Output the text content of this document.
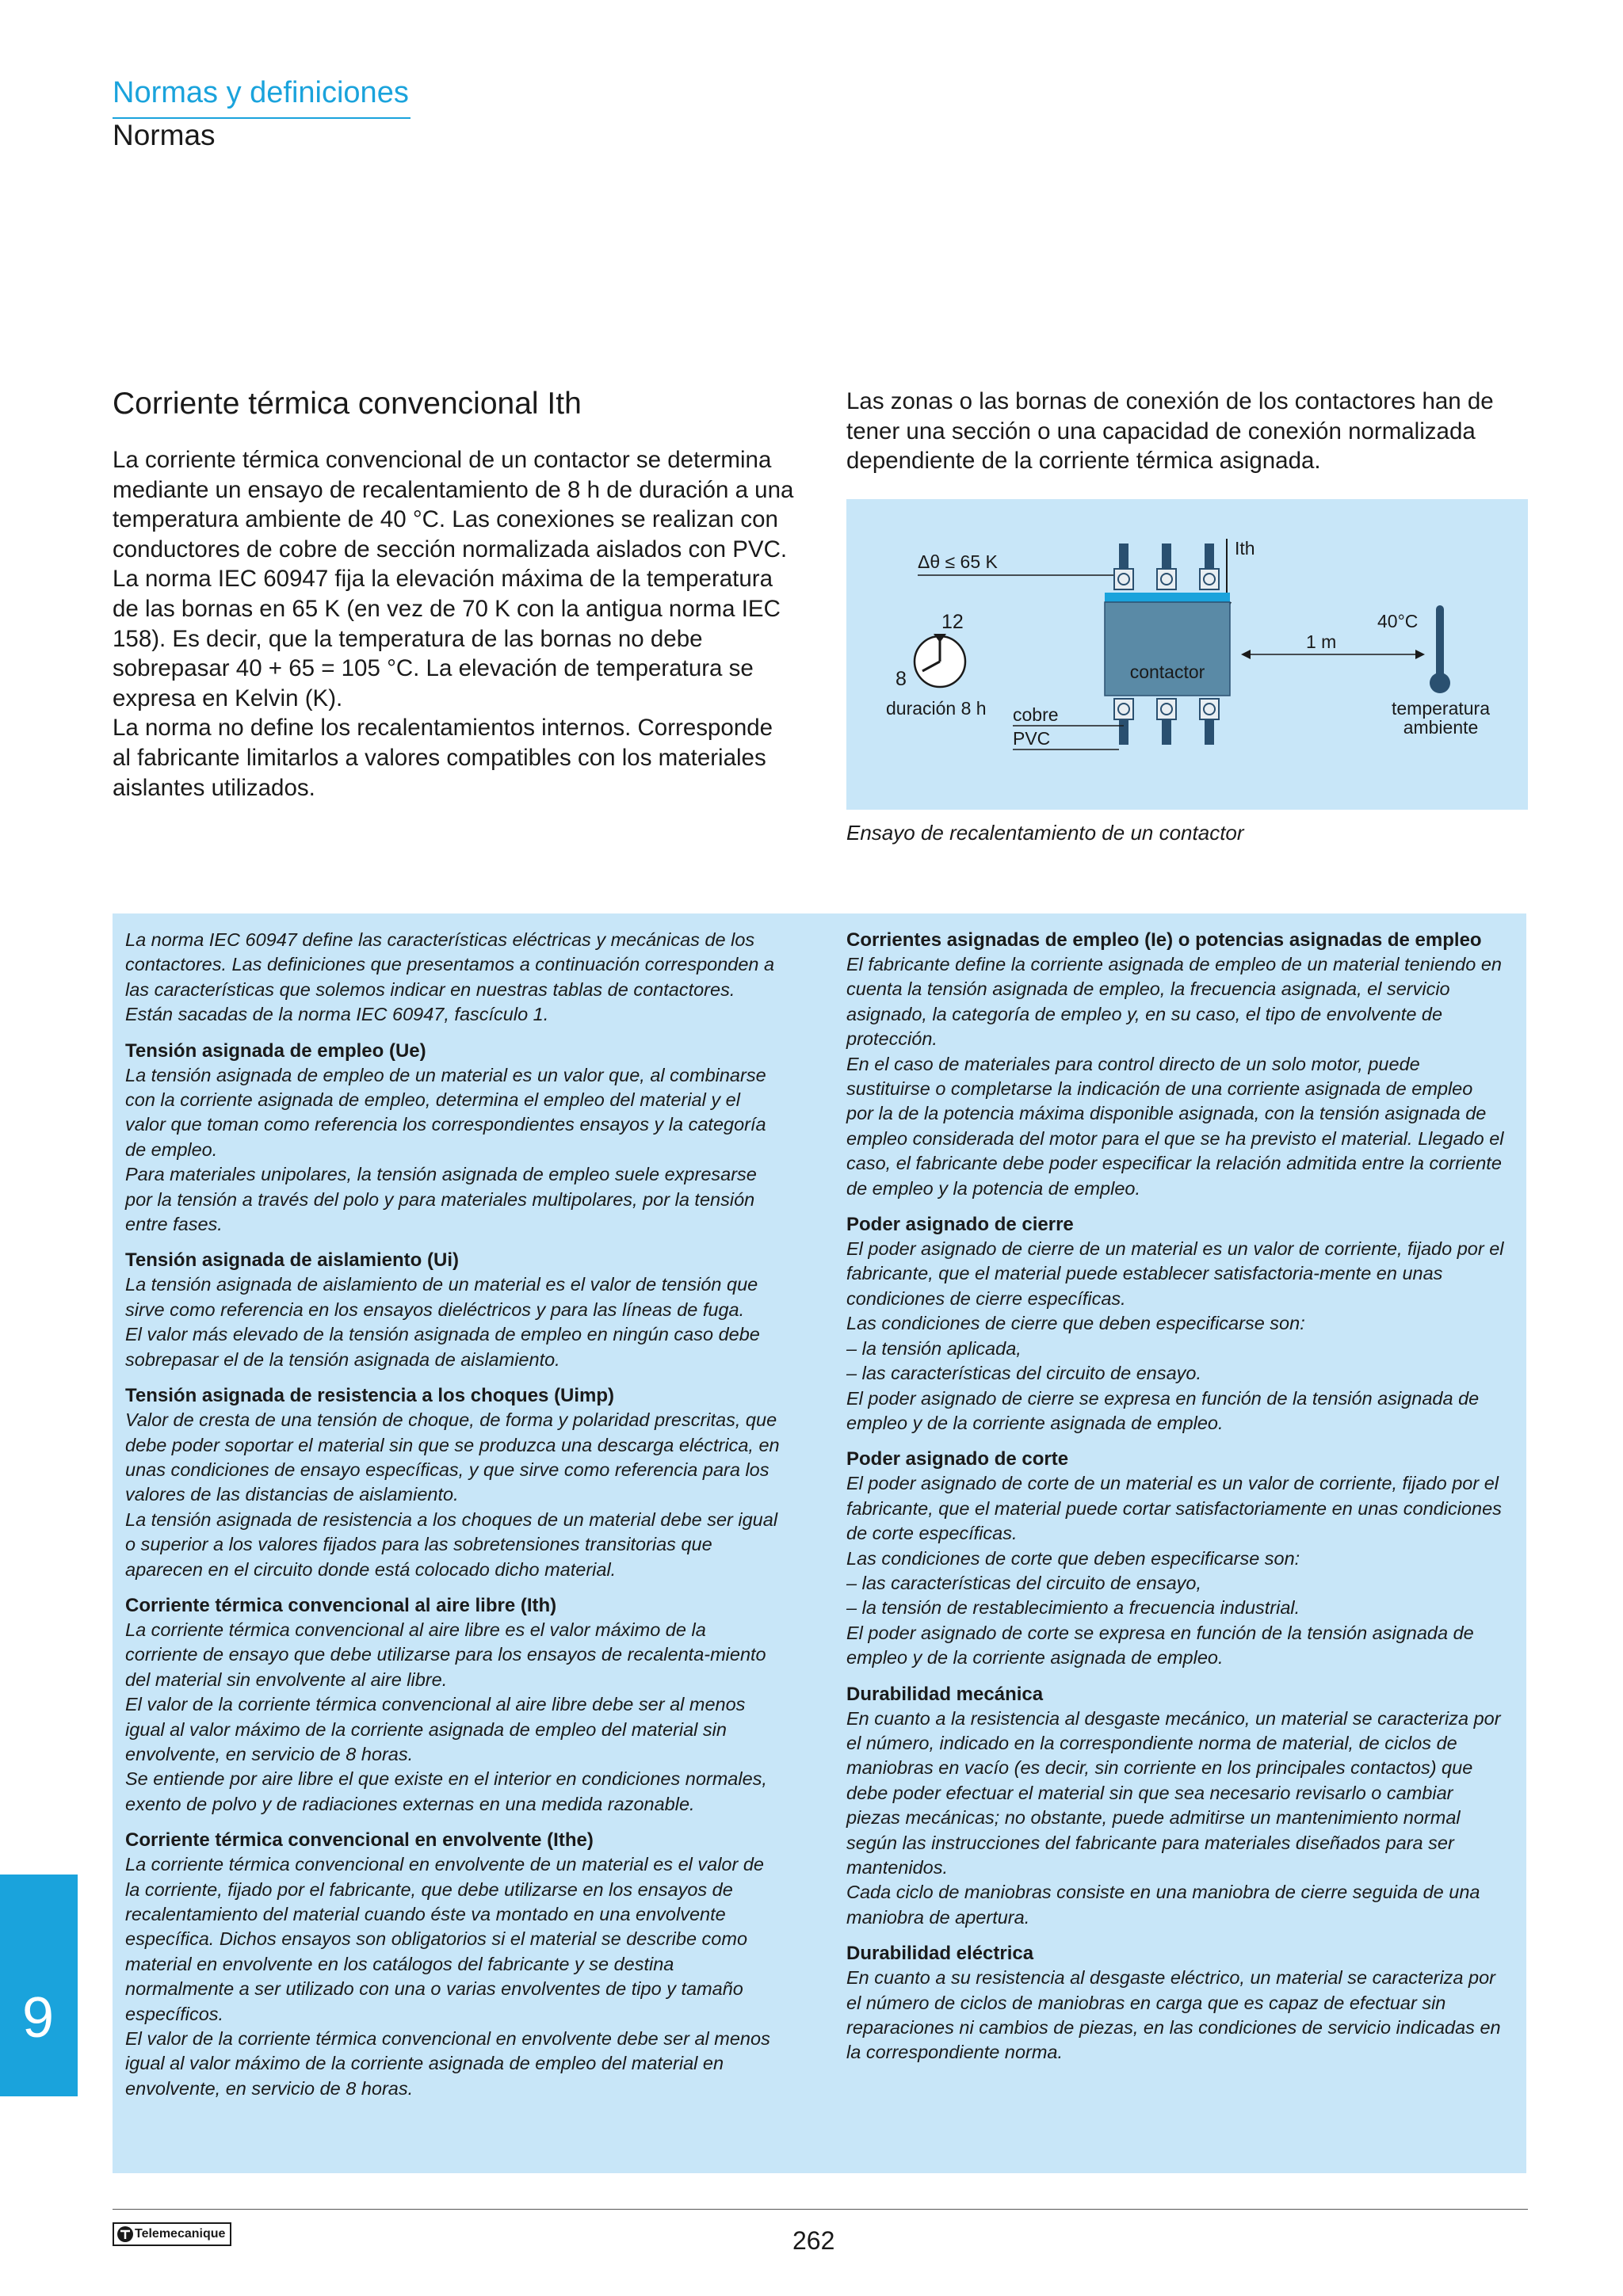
Normas y definiciones
Normas
Corriente térmica convencional Ith

La corriente térmica convencional de un contactor se determina mediante un ensayo de recalentamiento de 8 h de duración a una temperatura ambiente de 40 °C. Las conexiones se realizan con conductores de cobre de sección normalizada aislados con PVC.

La norma IEC 60947 fija la elevación máxima de la temperatura de las bornas en 65 K (en vez de 70 K con la antigua norma IEC 158). Es decir, que la temperatura de las bornas no debe sobrepasar 40 + 65 = 105 °C. La elevación de temperatura se expresa en Kelvin (K).

La norma no define los recalentamientos internos. Corresponde al fabricante limitarlos a valores compatibles con los materiales aislantes utilizados.

Las zonas o las bornas de conexión de los contactores han de tener una sección o una capacidad de conexión normalizada dependiente de la corriente térmica asignada.

Δθ ≤ 65 K
Ith
contactor
cobre
PVC
12
8
duración 8 h
1 m
40°C
temperatura
ambiente
Ensayo de recalentamiento de un contactor

La norma IEC 60947 define las características eléctricas y mecánicas de los contactores. Las definiciones que presentamos a continuación corresponden a las características que solemos indicar en nuestras tablas de contactores. Están sacadas de la norma IEC 60947, fascículo 1.

Tensión asignada de empleo (Ue)

La tensión asignada de empleo de un material es un valor que, al combinarse con la corriente asignada de empleo, determina el empleo del material y el valor que toman como referencia los correspondientes ensayos y la categoría de empleo.
Para materiales unipolares, la tensión asignada de empleo suele expresarse por la tensión a través del polo y para materiales multipolares, por la tensión entre fases.

Tensión asignada de aislamiento (Ui)

La tensión asignada de aislamiento de un material es el valor de tensión que sirve como referencia en los ensayos dieléctricos y para las líneas de fuga.
El valor más elevado de la tensión asignada de empleo en ningún caso debe sobrepasar el de la tensión asignada de aislamiento.

Tensión asignada de resistencia a los choques (Uimp)

Valor de cresta de una tensión de choque, de forma y polaridad prescritas, que debe poder soportar el material sin que se produzca una descarga eléctrica, en unas condiciones de ensayo específicas, y que sirve como referencia para los valores de las distancias de aislamiento.
La tensión asignada de resistencia a los choques de un material debe ser igual o superior a los valores fijados para las sobretensiones transitorias que aparecen en el circuito donde está colocado dicho material.

Corriente térmica convencional al aire libre (Ith)

La corriente térmica convencional al aire libre es el valor máximo de la corriente de ensayo que debe utilizarse para los ensayos de recalenta-miento del material sin envolvente al aire libre.
El valor de la corriente térmica convencional al aire libre debe ser al menos igual al valor máximo de la corriente asignada de empleo del material sin envolvente, en servicio de 8 horas.
Se entiende por aire libre el que existe en el interior en condiciones normales, exento de polvo y de radiaciones externas en una medida razonable.

Corriente térmica convencional en envolvente (Ithe)

La corriente térmica convencional en envolvente de un material es el valor de la corriente, fijado por el fabricante, que debe utilizarse en los ensayos de recalentamiento del material cuando éste va montado en una envolvente específica. Dichos ensayos son obligatorios si el material se describe como material en envolvente en los catálogos del fabricante y se destina normalmente a ser utilizado con una o varias envolventes de tipo y tamaño específicos.
El valor de la corriente térmica convencional en envolvente debe ser al menos igual al valor máximo de la corriente asignada de empleo del material en envolvente, en servicio de 8 horas.

Corrientes asignadas de empleo (Ie) o potencias asignadas de empleo

El fabricante define la corriente asignada de empleo de un material teniendo en cuenta la tensión asignada de empleo, la frecuencia asignada, el servicio asignado, la categoría de empleo y, en su caso, el tipo de envolvente de protección.
En el caso de materiales para control directo de un solo motor, puede sustituirse o completarse la indicación de una corriente asignada de empleo por la de la potencia máxima disponible asignada, con la tensión asignada de empleo considerada del motor para el que se ha previsto el material. Llegado el caso, el fabricante debe poder especificar la relación admitida entre la corriente de empleo y la potencia de empleo.

Poder asignado de cierre

El poder asignado de cierre de un material es un valor de corriente, fijado por el fabricante, que el material puede establecer satisfactoria-mente en unas condiciones de cierre específicas.
Las condiciones de cierre que deben especificarse son:
– la tensión aplicada,
– las características del circuito de ensayo.
El poder asignado de cierre se expresa en función de la tensión asignada de empleo y de la corriente asignada de empleo.

Poder asignado de corte

El poder asignado de corte de un material es un valor de corriente, fijado por el fabricante, que el material puede cortar satisfactoriamente en unas condiciones de corte específicas.
Las condiciones de corte que deben especificarse son:
– las características del circuito de ensayo,
– la tensión de restablecimiento a frecuencia industrial.
El poder asignado de corte se expresa en función de la tensión asignada de empleo y de la corriente asignada de empleo.

Durabilidad mecánica

En cuanto a la resistencia al desgaste mecánico, un material se caracteriza por el número, indicado en la correspondiente norma de material, de ciclos de maniobras en vacío (es decir, sin corriente en los principales contactos) que debe poder efectuar el material sin que sea necesario revisarlo o cambiar piezas mecánicas; no obstante, puede admitirse un mantenimiento normal según las instrucciones del fabricante para materiales diseñados para ser mantenidos.
Cada ciclo de maniobras consiste en una maniobra de cierre seguida de una maniobra de apertura.

Durabilidad eléctrica

En cuanto a su resistencia al desgaste eléctrico, un material se caracteriza por el número de ciclos de maniobras en carga que es capaz de efectuar sin reparaciones ni cambios de piezas, en las condiciones de servicio indicadas en la correspondiente norma.

9
Telemecanique	262
